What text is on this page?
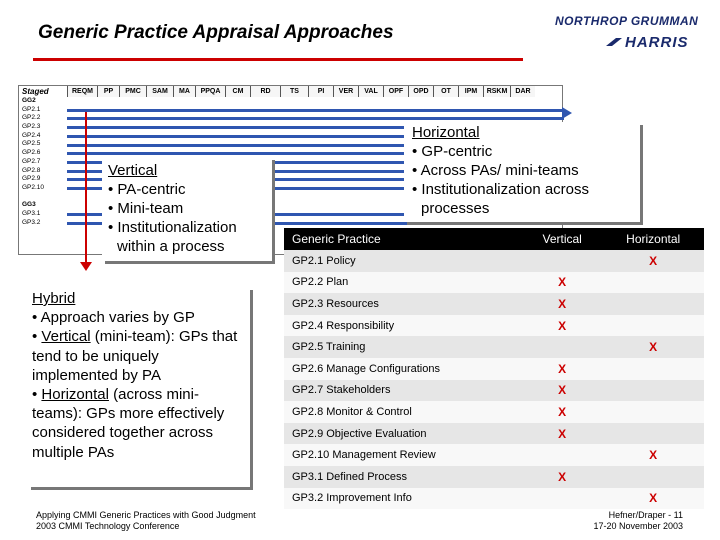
Generic Practice Appraisal Approaches
NORTHROP GRUMMAN
HARRIS
Staged	REQM	PP	PMC	SAM	MA	PPQA	CM	RD	TS	PI	VER	VAL	OPF	OPD	OT	IPM	RSKM	DAR
GG2
GP2.1
GP2.2
GP2.3
GP2.4
GP2.5
GP2.6
GP2.7
GP2.8
GP2.9
GP2.10
GG3
GP3.1
GP3.2
Vertical
• PA-centric
• Mini-team
• Institutionalization
within a process
Horizontal
• GP-centric
• Across PAs/ mini-teams
• Institutionalization across
processes
Hybrid
• Approach varies by GP
• Vertical (mini-team): GPs that tend to be uniquely implemented by PA
• Horizontal (across mini-teams): GPs more effectively considered together across multiple PAs
Generic Practice	Vertical	Horizontal
GP2.1 Policy		X
GP2.2 Plan	X	
GP2.3 Resources	X	
GP2.4 Responsibility	X	
GP2.5 Training		X
GP2.6 Manage Configurations	X	
GP2.7 Stakeholders	X	
GP2.8 Monitor & Control	X	
GP2.9 Objective Evaluation	X	
GP2.10 Management Review		X
GP3.1 Defined Process	X	
GP3.2 Improvement Info		X
Applying CMMI Generic Practices with Good Judgment
2003 CMMI Technology Conference
Hefner/Draper - 11
17-20 November 2003
